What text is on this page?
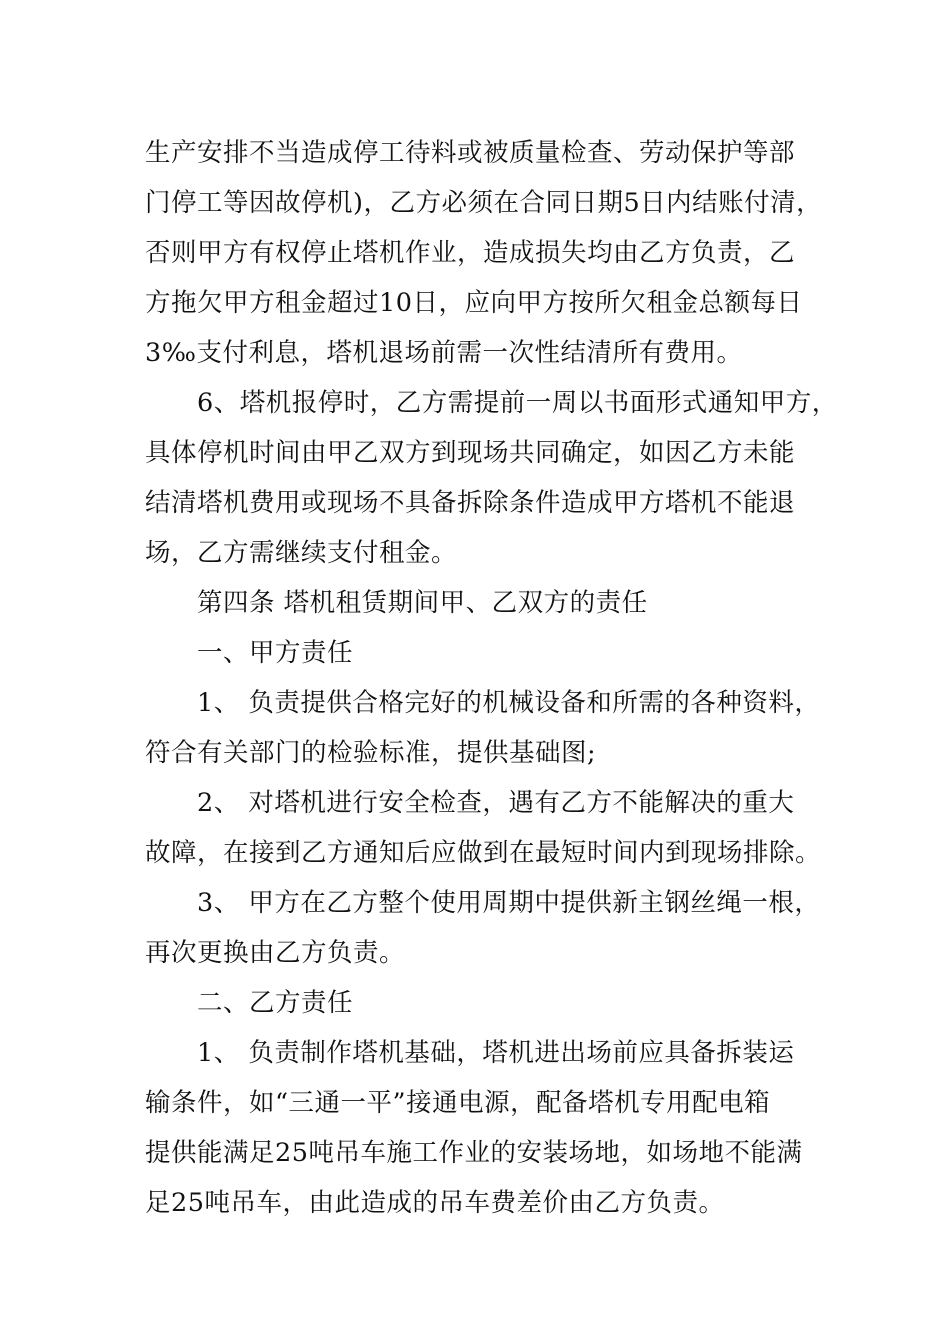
生产安排不当造成停工待料或被质量检查、劳动保护等部
门停工等因故停机)，乙方必须在合同日期5日内结账付清，
否则甲方有权停止塔机作业，造成损失均由乙方负责，乙
方拖欠甲方租金超过10日，应向甲方按所欠租金总额每日
3‰支付利息，塔机退场前需一次性结清所有费用。
6、塔机报停时，乙方需提前一周以书面形式通知甲方，
具体停机时间由甲乙双方到现场共同确定，如因乙方未能
结清塔机费用或现场不具备拆除条件造成甲方塔机不能退
场，乙方需继续支付租金。
第四条 塔机租赁期间甲、乙双方的责任
一、甲方责任
1、 负责提供合格完好的机械设备和所需的各种资料，
符合有关部门的检验标准，提供基础图;
2、 对塔机进行安全检查，遇有乙方不能解决的重大
故障，在接到乙方通知后应做到在最短时间内到现场排除。
3、 甲方在乙方整个使用周期中提供新主钢丝绳一根，
再次更换由乙方负责。
二、乙方责任
1、 负责制作塔机基础，塔机进出场前应具备拆装运
输条件，如“三通一平”接通电源，配备塔机专用配电箱
提供能满足25吨吊车施工作业的安装场地，如场地不能满
足25吨吊车，由此造成的吊车费差价由乙方负责。
